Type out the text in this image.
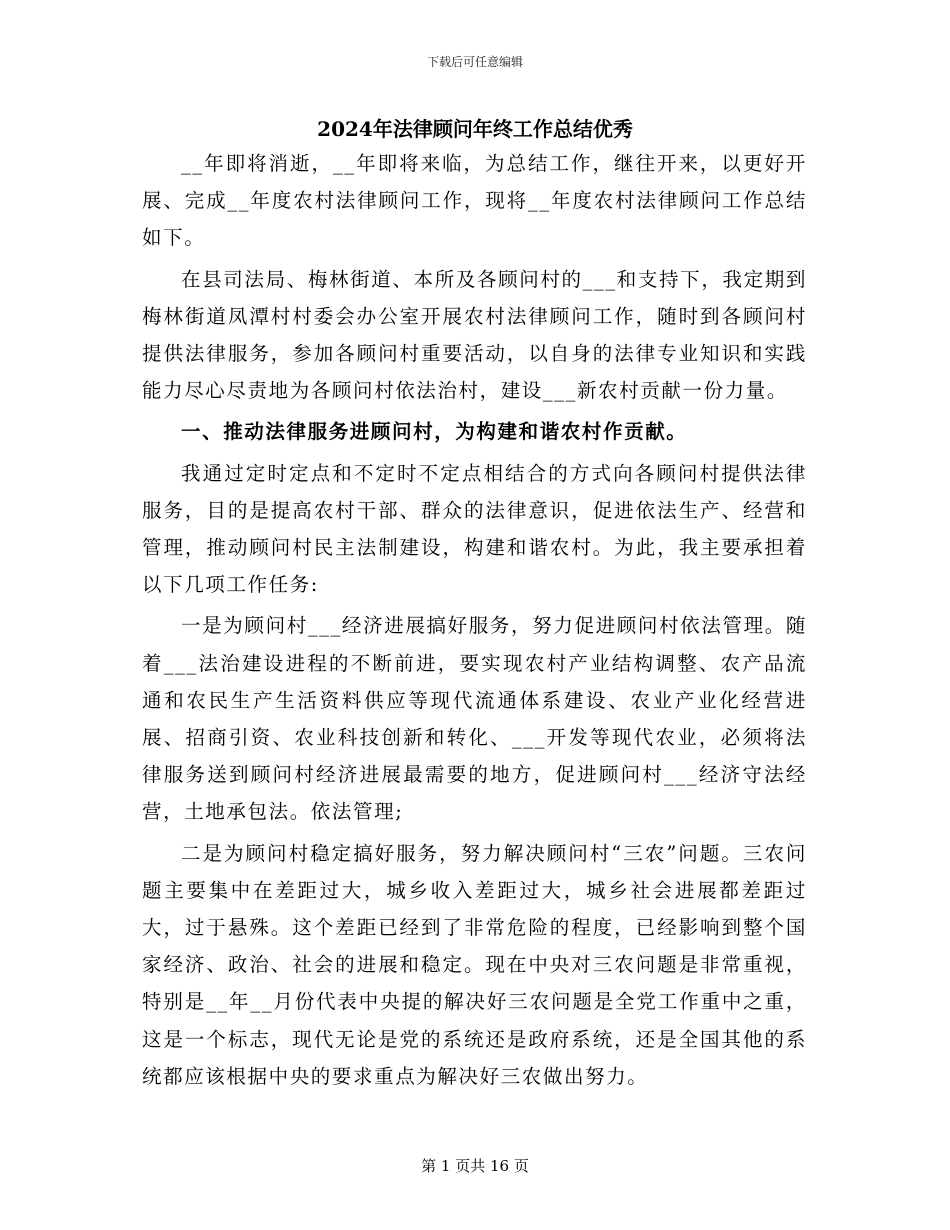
下载后可任意编辑
2024年法律顾问年终工作总结优秀

__年即将消逝，__年即将来临，为总结工作，继往开来，以更好开展、完成__年度农村法律顾问工作，现将__年度农村法律顾问工作总结如下。

在县司法局、梅林街道、本所及各顾问村的___和支持下，我定期到梅林街道凤潭村村委会办公室开展农村法律顾问工作，随时到各顾问村提供法律服务，参加各顾问村重要活动，以自身的法律专业知识和实践能力尽心尽责地为各顾问村依法治村，建设___新农村贡献一份力量。

一、推动法律服务进顾问村，为构建和谐农村作贡献。

我通过定时定点和不定时不定点相结合的方式向各顾问村提供法律服务，目的是提高农村干部、群众的法律意识，促进依法生产、经营和管理，推动顾问村民主法制建设，构建和谐农村。为此，我主要承担着以下几项工作任务:

一是为顾问村___经济进展搞好服务，努力促进顾问村依法管理。随着___法治建设进程的不断前进，要实现农村产业结构调整、农产品流通和农民生产生活资料供应等现代流通体系建设、农业产业化经营进展、招商引资、农业科技创新和转化、___开发等现代农业，必须将法律服务送到顾问村经济进展最需要的地方，促进顾问村___经济守法经营，土地承包法。依法管理;

二是为顾问村稳定搞好服务，努力解决顾问村“三农”问题。三农问题主要集中在差距过大，城乡收入差距过大，城乡社会进展都差距过大，过于悬殊。这个差距已经到了非常危险的程度，已经影响到整个国家经济、政治、社会的进展和稳定。现在中央对三农问题是非常重视，特别是__年__月份代表中央提的解决好三农问题是全党工作重中之重，这是一个标志，现代无论是党的系统还是政府系统，还是全国其他的系统都应该根据中央的要求重点为解决好三农做出努力。

第 1 页共 16 页
